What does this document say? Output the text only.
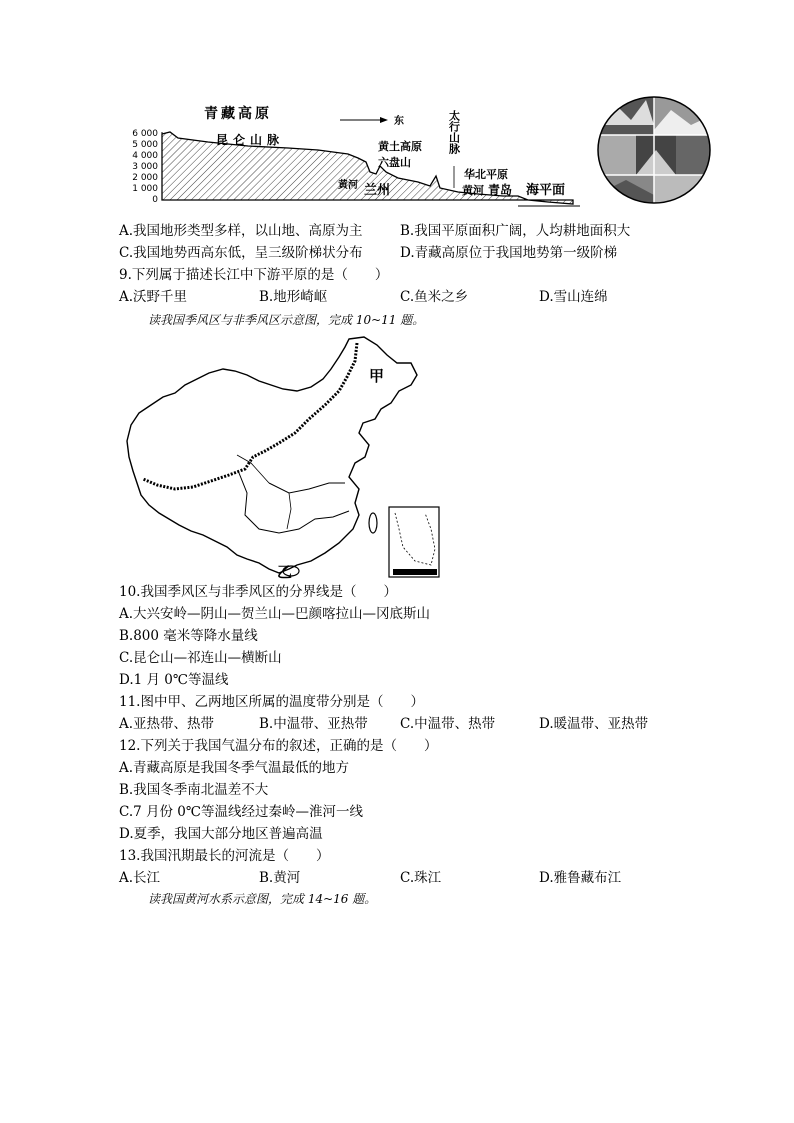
6 000
5 000
4 000
3 000
2 000
1 000
0
青藏高原	东
昆仑山脉	黄土高原
六盘山
黄河 兰州
华北平原
黄河 青岛 海平面
太行山脉
A.我国地形类型多样，以山地、高原为主	B.我国平原面积广阔，人均耕地面积大
C.我国地势西高东低，呈三级阶梯状分布	D.青藏高原位于我国地势第一级阶梯
9.下列属于描述长江中下游平原的是（　　）
A.沃野千里	B.地形崎岖	C.鱼米之乡	D.雪山连绵
读我国季风区与非季风区示意图，完成 10~11 题。
甲
乙
10.我国季风区与非季风区的分界线是（　　）
A.大兴安岭—阴山—贺兰山—巴颜喀拉山—冈底斯山
B.800 毫米等降水量线
C.昆仑山—祁连山—横断山
D.1 月 0℃等温线
11.图中甲、乙两地区所属的温度带分别是（　　）
A.亚热带、热带	B.中温带、亚热带 C.中温带、热带	D.暖温带、亚热带
12.下列关于我国气温分布的叙述，正确的是（　　）
A.青藏高原是我国冬季气温最低的地方
B.我国冬季南北温差不大
C.7 月份 0℃等温线经过秦岭—淮河一线
D.夏季，我国大部分地区普遍高温
13.我国汛期最长的河流是（　　）
A.长江	B.黄河	C.珠江	D.雅鲁藏布江
读我国黄河水系示意图，完成 14~16 题。
